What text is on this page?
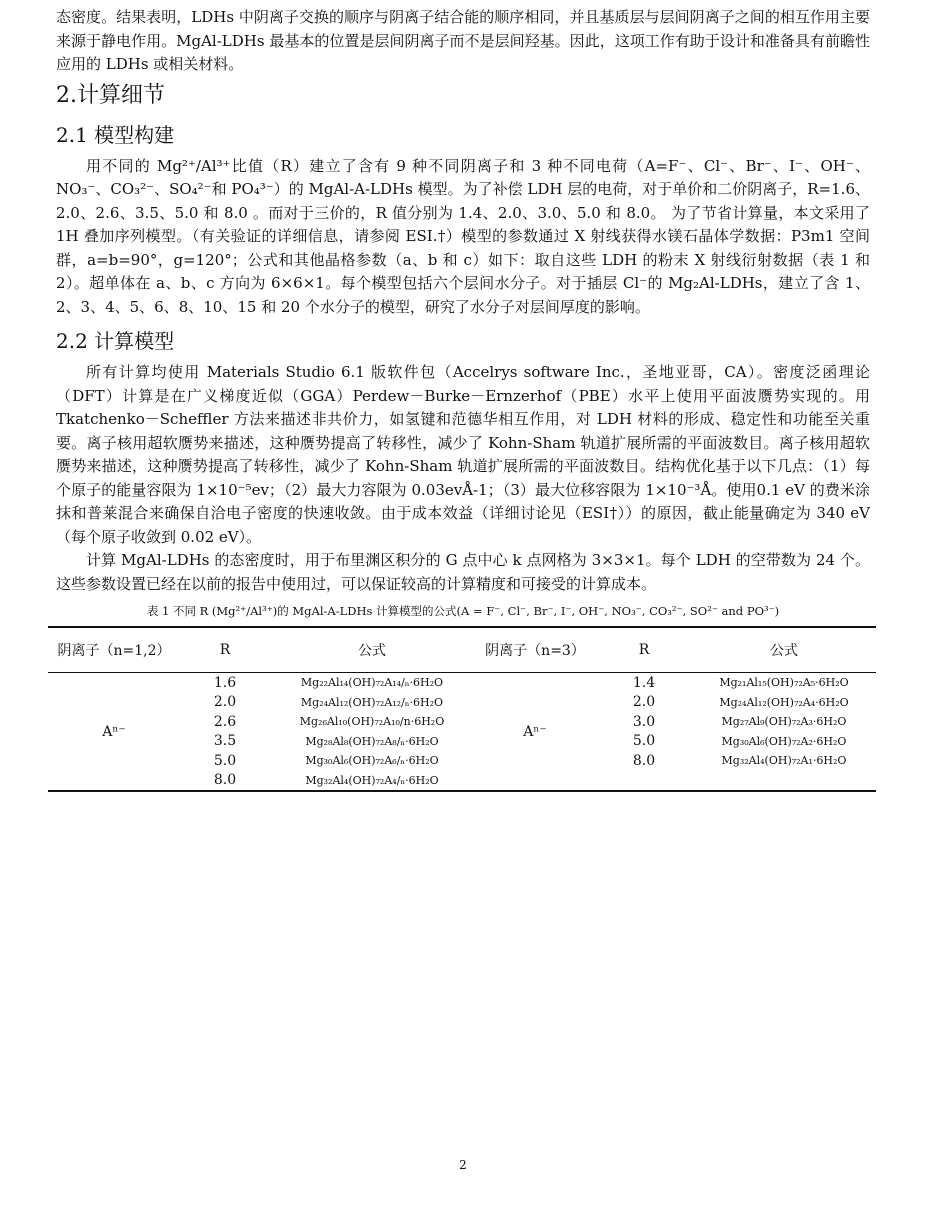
态密度。结果表明，LDHs 中阴离子交换的顺序与阴离子结合能的顺序相同，并且基质层与层间阴离子之间的相互作用主要来源于静电作用。MgAl-LDHs 最基本的位置是层间阴离子而不是层间羟基。因此，这项工作有助于设计和准备具有前瞻性应用的 LDHs 或相关材料。

2.计算细节
2.1 模型构建

用不同的 Mg²⁺/Al³⁺比值（R）建立了含有 9 种不同阴离子和 3 种不同电荷（A=F⁻、Cl⁻、Br⁻、I⁻、OH⁻、NO₃⁻、CO₃²⁻、SO₄²⁻和 PO₄³⁻）的 MgAl-A-LDHs 模型。为了补偿 LDH 层的电荷，对于单价和二价阴离子，R=1.6、2.0、2.6、3.5、5.0 和 8.0 。而对于三价的，R 值分别为 1.4、2.0、3.0、5.0 和 8.0。 为了节省计算量，本文采用了 1H 叠加序列模型。（有关验证的详细信息，请参阅 ESI.†）模型的参数通过 X 射线获得水镁石晶体学数据：P3m1 空间群，a=b=90°，g=120°；公式和其他晶格参数（a、b 和 c）如下：取自这些 LDH 的粉末 X 射线衍射数据（表 1 和 2）。超单体在 a、b、c 方向为 6×6×1。每个模型包括六个层间水分子。对于插层 Cl⁻的 Mg₂Al-LDHs，建立了含 1、2、3、4、5、6、8、10、15 和 20 个水分子的模型，研究了水分子对层间厚度的影响。

2.2 计算模型

所有计算均使用 Materials Studio 6.1 版软件包（Accelrys software Inc.，圣地亚哥，CA）。密度泛函理论（DFT）计算是在广义梯度近似（GGA）Perdew－Burke－Ernzerhof（PBE）水平上使用平面波赝势实现的。用 Tkatchenko－Scheffler 方法来描述非共价力，如氢键和范德华相互作用，对 LDH 材料的形成、稳定性和功能至关重要。离子核用超软赝势来描述，这种赝势提高了转移性，减少了 Kohn-Sham 轨道扩展所需的平面波数目。离子核用超软赝势来描述，这种赝势提高了转移性，减少了 Kohn-Sham 轨道扩展所需的平面波数目。结构优化基于以下几点：（1）每个原子的能量容限为 1×10⁻⁵ev；（2）最大力容限为 0.03evÅ-1；（3）最大位移容限为 1×10⁻³Å。使用0.1 eV 的费米涂抹和普莱混合来确保自洽电子密度的快速收敛。由于成本效益（详细讨论见（ESI†））的原因，截止能量确定为 340 eV（每个原子收敛到 0.02 eV）。

计算 MgAl-LDHs 的态密度时，用于布里渊区积分的 G 点中心 k 点网格为 3×3×1。每个 LDH 的空带数为 24 个。这些参数设置已经在以前的报告中使用过，可以保证较高的计算精度和可接受的计算成本。

表 1 不同 R (Mg²⁺/Al³⁺)的 MgAl-A-LDHs 计算模型的公式(A = F⁻, Cl⁻, Br⁻, I⁻, OH⁻, NO₃⁻, CO₃²⁻, SO²⁻ and PO³⁻)
阴离子（n=1,2）	R	公式	阴离子（n=3）	R	公式
Aⁿ⁻	1.6	Mg₂₂Al₁₄(OH)₇₂A₁₄/ₙ·6H₂O	Aⁿ⁻	1.4	Mg₂₁Al₁₅(OH)₇₂A₅·6H₂O
	2.0	Mg₂₄Al₁₂(OH)₇₂A₁₂/ₙ·6H₂O		2.0	Mg₂₄Al₁₂(OH)₇₂A₄·6H₂O
	2.6	Mg₂₆Al₁₀(OH)₇₂A₁₀/n·6H₂O		3.0	Mg₂₇Al₉(OH)₇₂A₃·6H₂O
	3.5	Mg₂₈Al₈(OH)₇₂A₈/ₙ·6H₂O		5.0	Mg₃₀Al₆(OH)₇₂A₂·6H₂O
	5.0	Mg₃₀Al₆(OH)₇₂A₆/ₙ·6H₂O		8.0	Mg₃₂Al₄(OH)₇₂A₁·6H₂O
	8.0	Mg₃₂Al₄(OH)₇₂A₄/ₙ·6H₂O			
2
